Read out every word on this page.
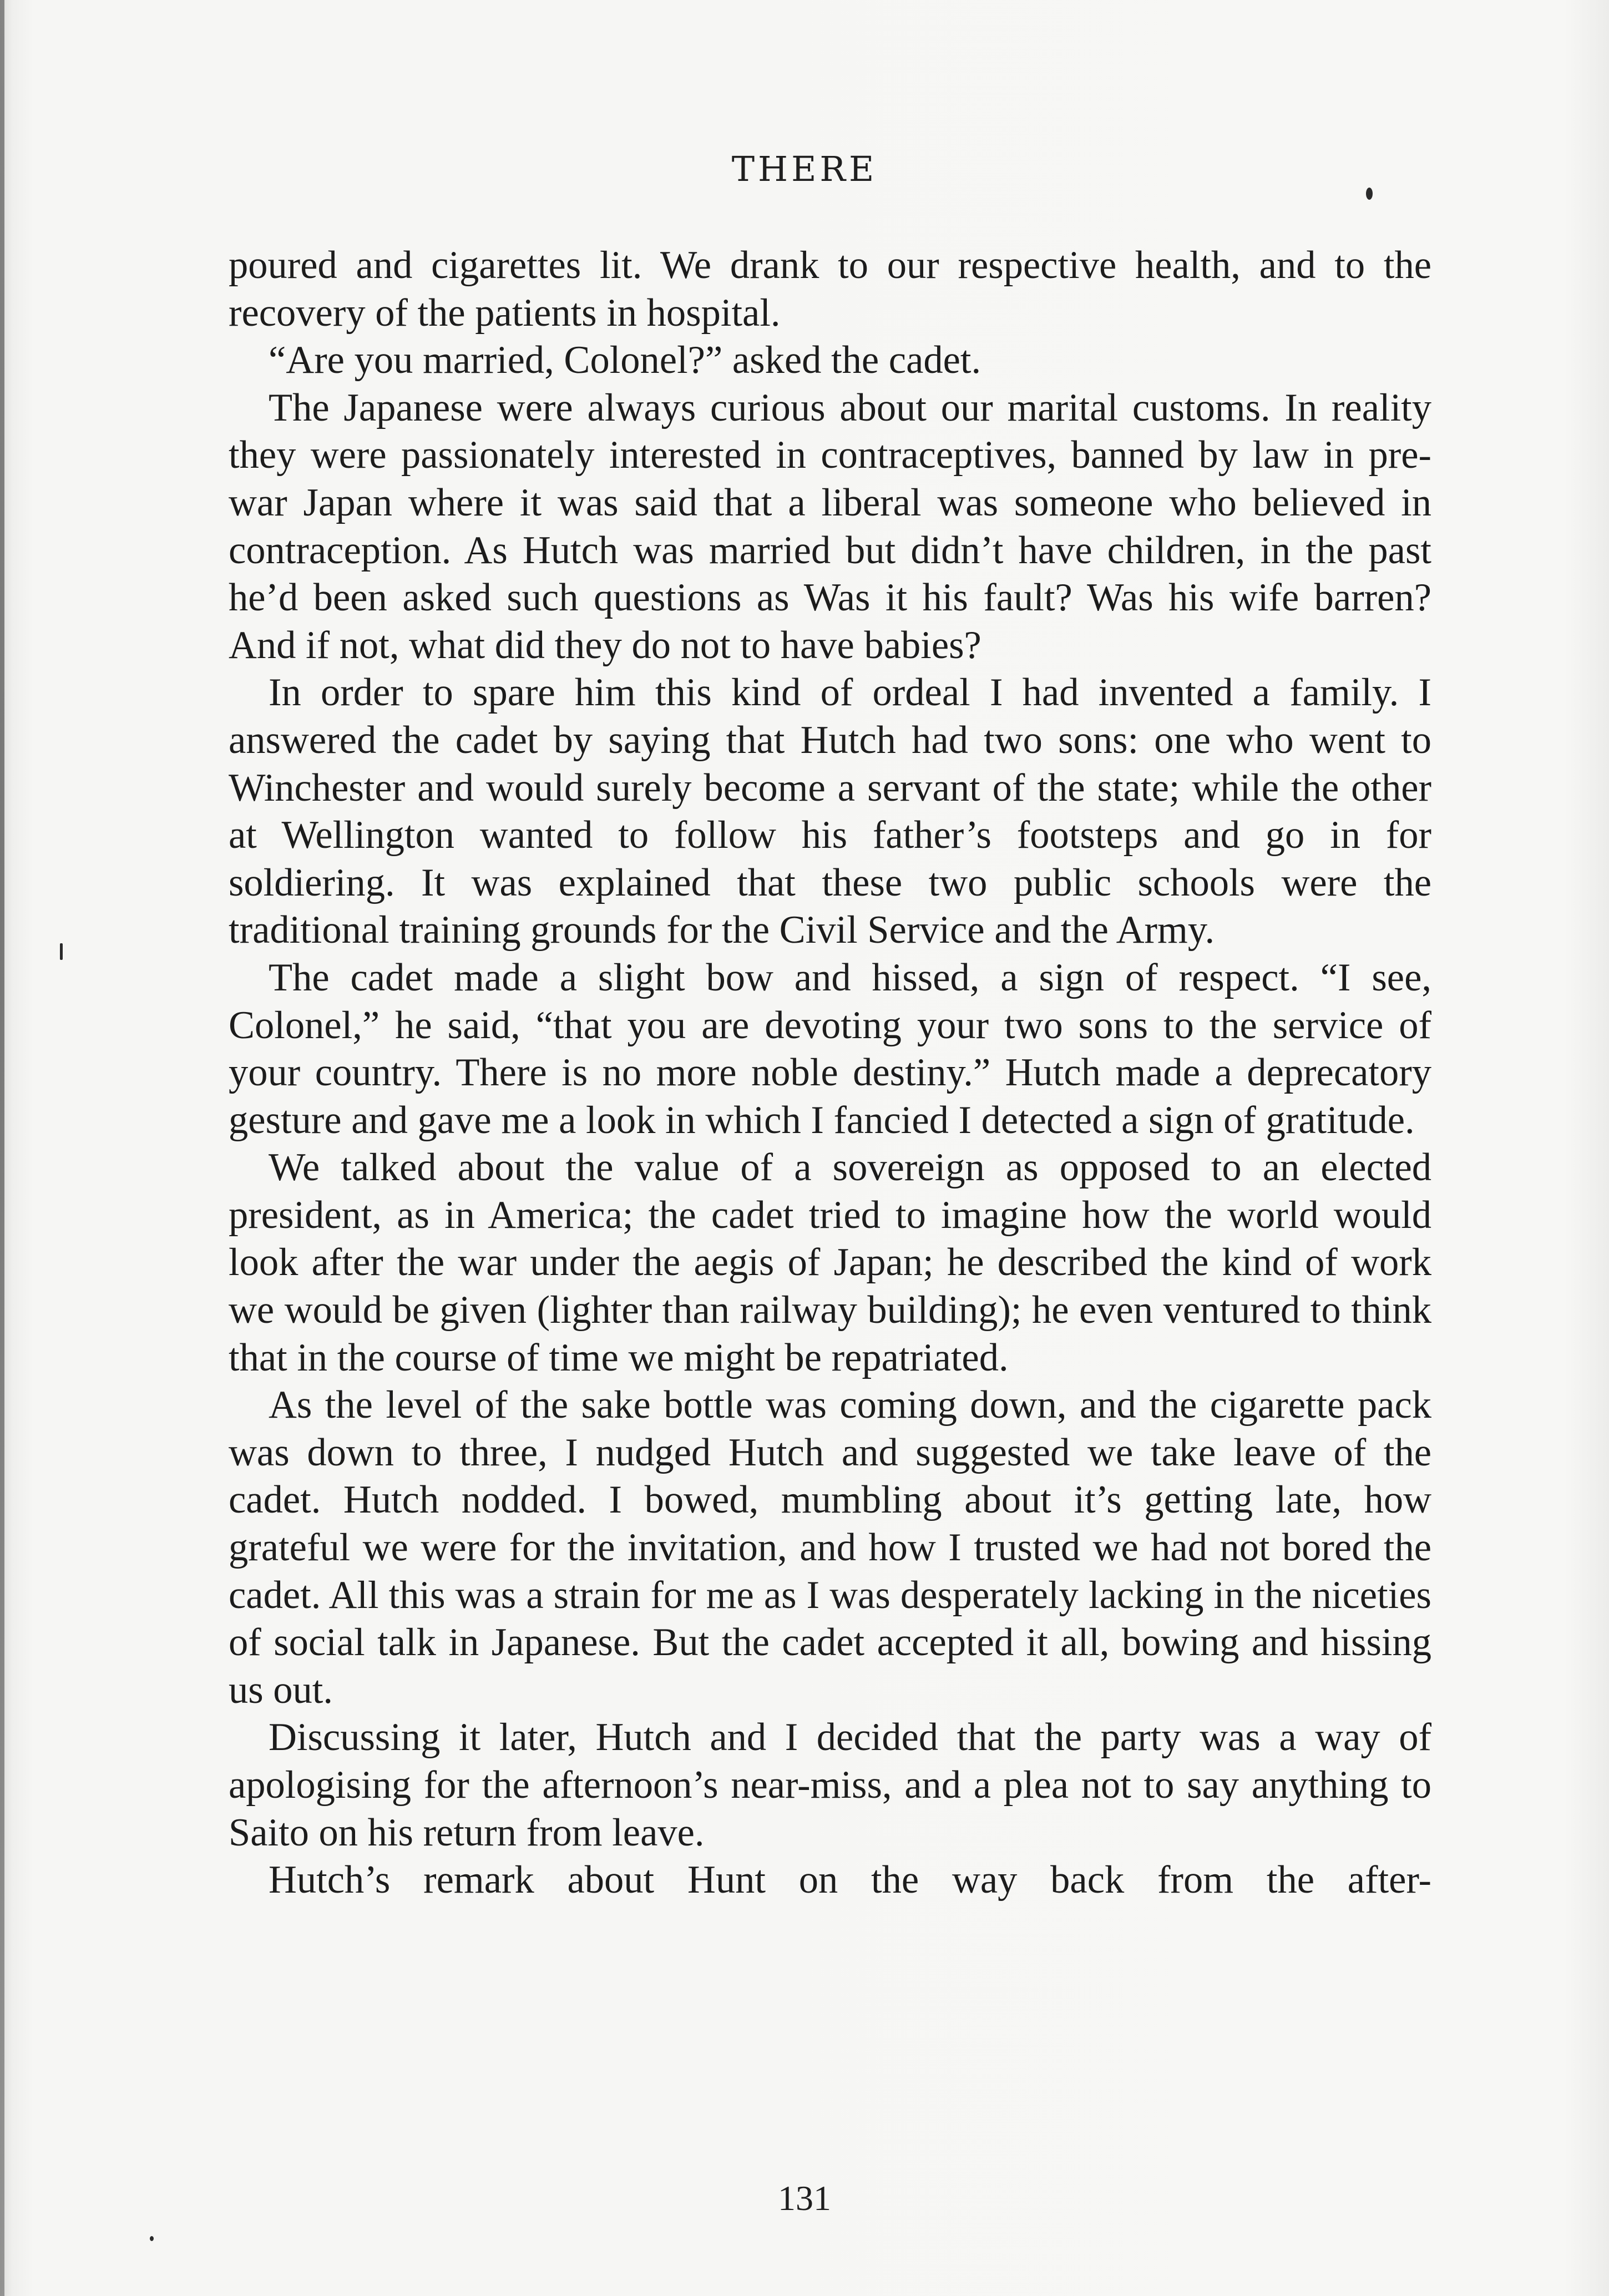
THERE

poured and cigarettes lit. We drank to our respective health, and to the recovery of the patients in hospital.

“Are you married, Colonel?” asked the cadet.

The Japanese were always curious about our marital customs. In reality they were passionately interested in contraceptives, banned by law in pre-war Japan where it was said that a liberal was someone who believed in contraception. As Hutch was married but didn’t have children, in the past he’d been asked such questions as Was it his fault? Was his wife barren? And if not, what did they do not to have babies?

In order to spare him this kind of ordeal I had invented a family. I answered the cadet by saying that Hutch had two sons: one who went to Winchester and would surely become a servant of the state; while the other at Wellington wanted to follow his father’s footsteps and go in for soldiering. It was explained that these two public schools were the traditional training grounds for the Civil Service and the Army.

The cadet made a slight bow and hissed, a sign of respect. “I see, Colonel,” he said, “that you are devoting your two sons to the service of your country. There is no more noble destiny.” Hutch made a deprecatory gesture and gave me a look in which I fancied I detected a sign of gratitude.

We talked about the value of a sovereign as opposed to an elected president, as in America; the cadet tried to imagine how the world would look after the war under the aegis of Japan; he described the kind of work we would be given (lighter than railway building); he even ventured to think that in the course of time we might be repatriated.

As the level of the sake bottle was coming down, and the cigarette pack was down to three, I nudged Hutch and suggested we take leave of the cadet. Hutch nodded. I bowed, mumbling about it’s getting late, how grateful we were for the invitation, and how I trusted we had not bored the cadet. All this was a strain for me as I was desperately lacking in the niceties of social talk in Japanese. But the cadet accepted it all, bowing and hissing us out.

Discussing it later, Hutch and I decided that the party was a way of apologising for the afternoon’s near-miss, and a plea not to say anything to Saito on his return from leave.

Hutch’s remark about Hunt on the way back from the after-

131
